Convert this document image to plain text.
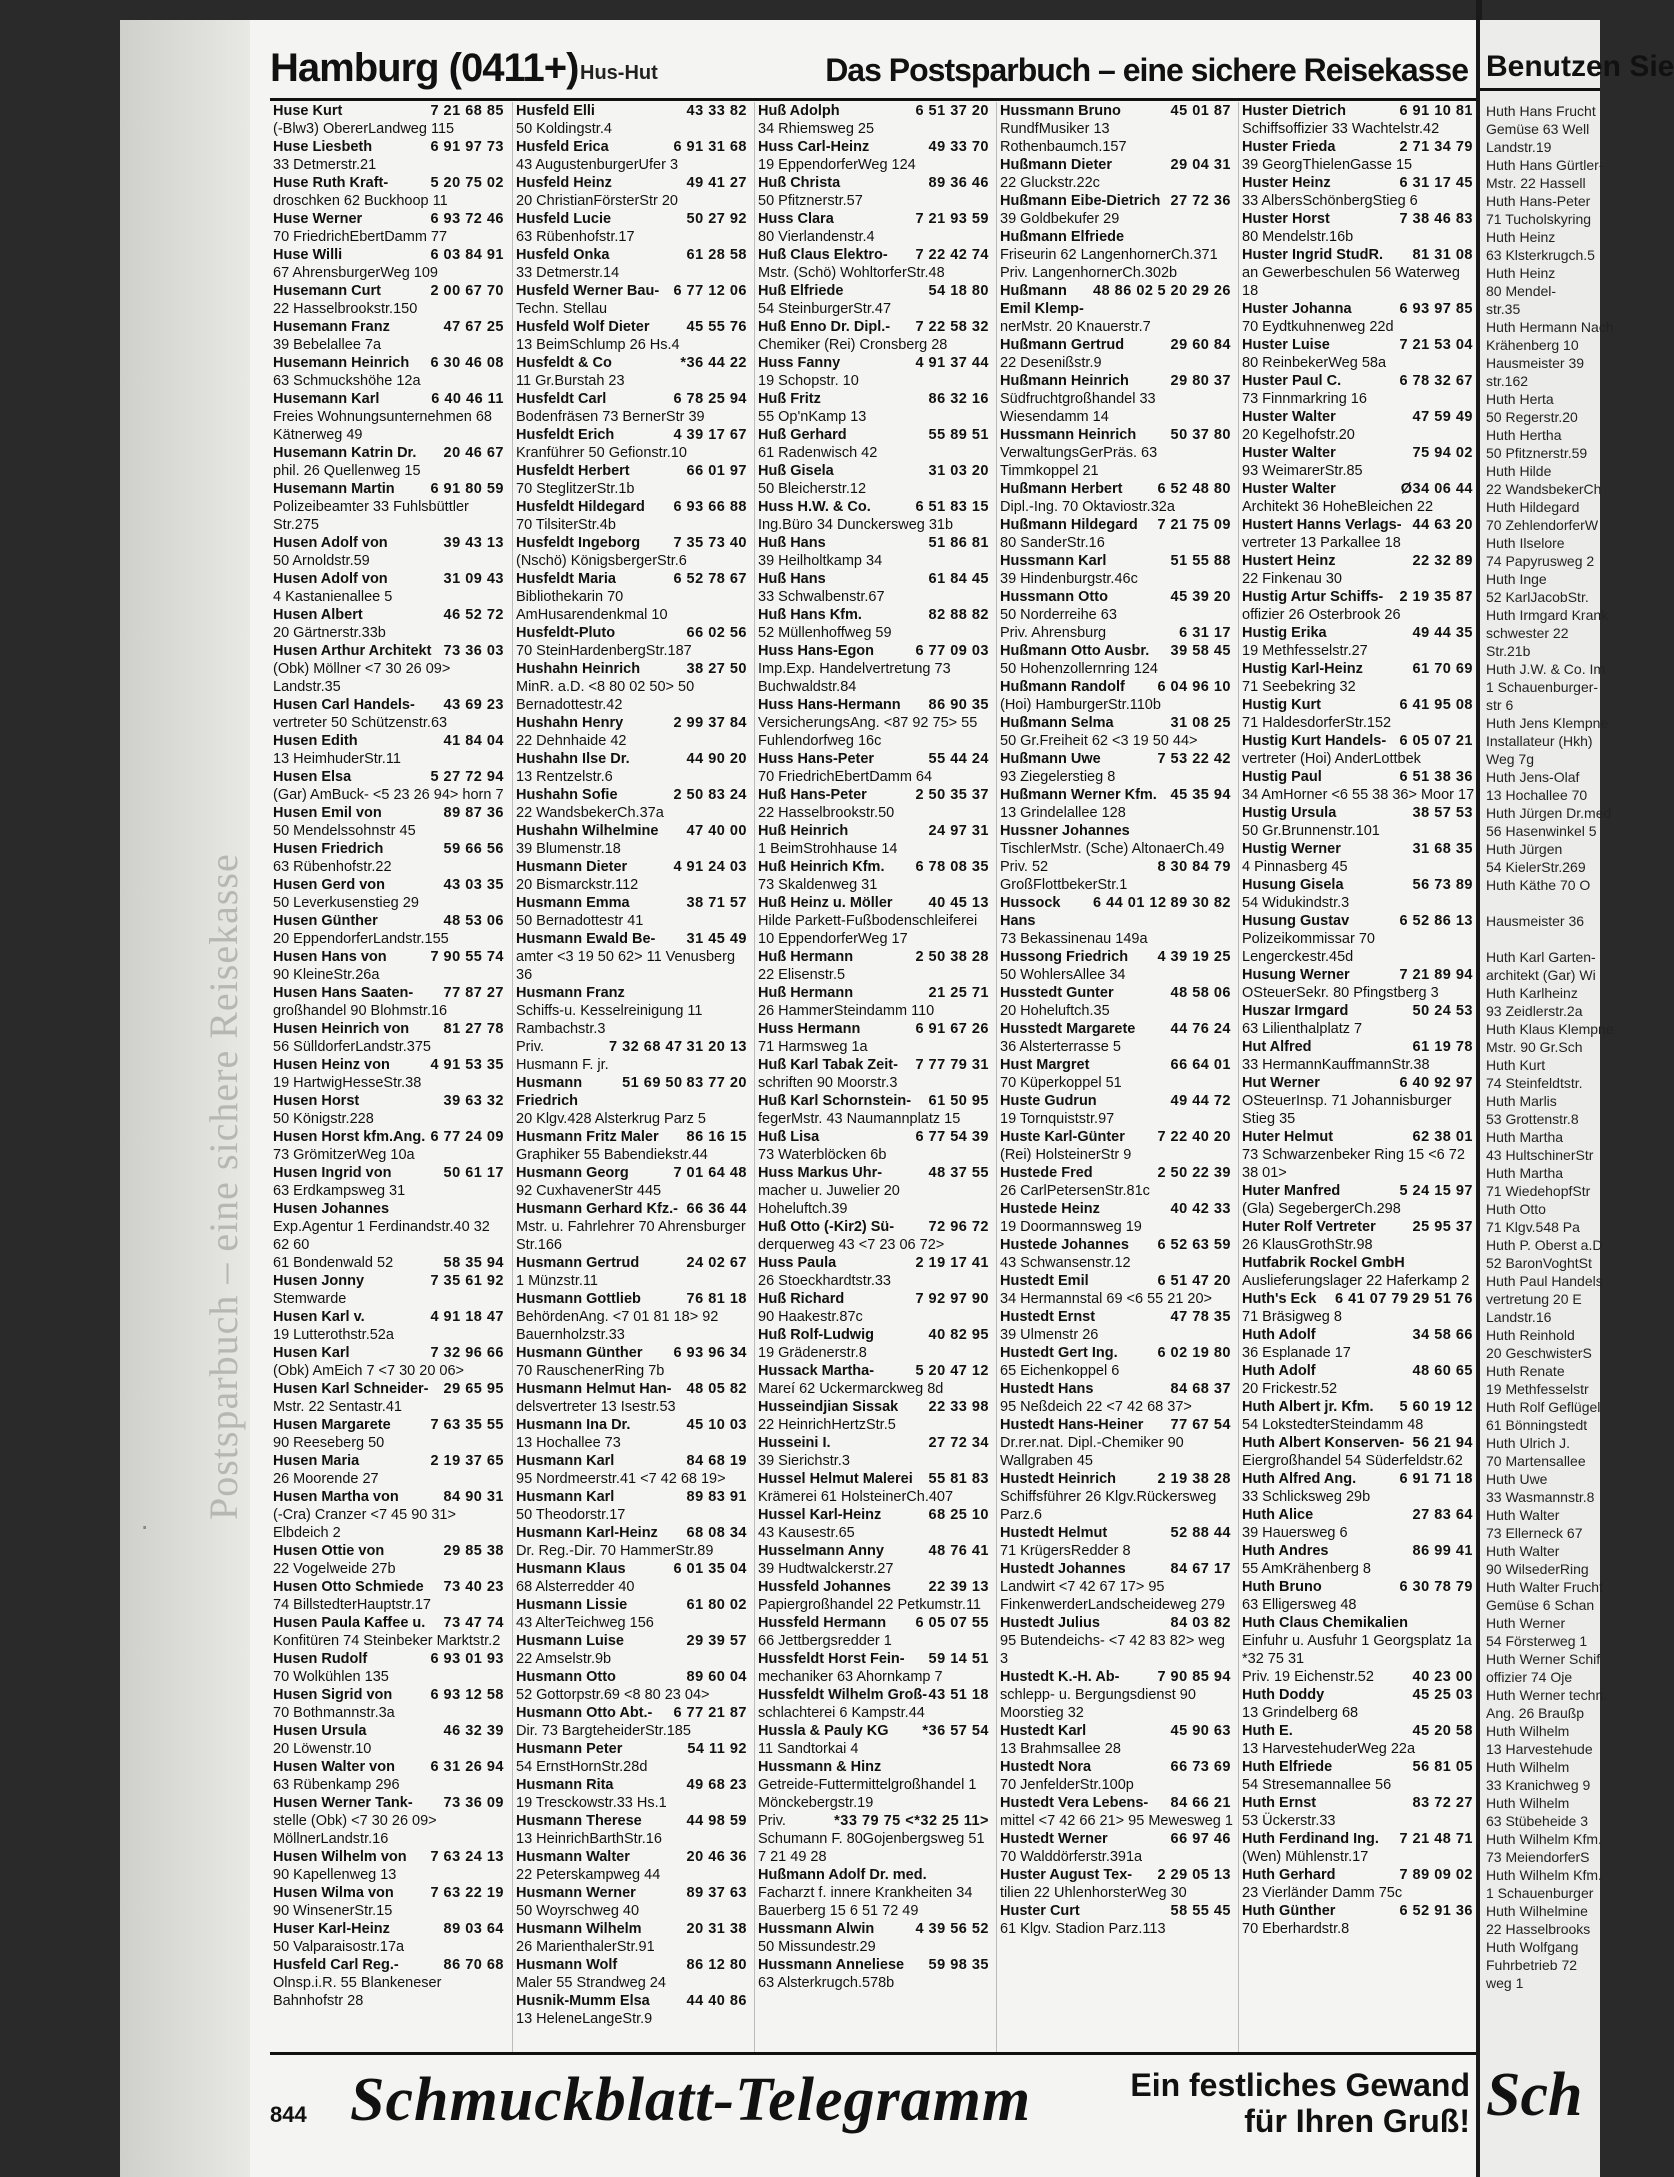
Postsparbuch – eine sichere Reisekasse
·
Hamburg (0411+) Hus-Hut	Das Postsparbuch – eine sichere Reisekasse
7 21 68 85
Huse Kurt
(-Blw3) ObererLandweg 115
6 91 97 73
Huse Liesbeth
33 Detmerstr.21
5 20 75 02
Huse Ruth Kraft-
droschken 62 Buckhoop 11
6 93 72 46
Huse Werner
70 FriedrichEbertDamm 77
6 03 84 91
Huse Willi
67 AhrensburgerWeg 109
2 00 67 70
Husemann Curt
22 Hasselbrookstr.150
47 67 25
Husemann Franz
39 Bebelallee 7a
6 30 46 08
Husemann Heinrich
63 Schmuckshöhe 12a
6 40 46 11
Husemann Karl
Freies Wohnungsunternehmen 68 Kätnerweg 49
20 46 67
Husemann Katrin Dr.
phil. 26 Quellenweg 15
6 91 80 59
Husemann Martin
Polizeibeamter 33 Fuhlsbüttler Str.275
39 43 13
Husen Adolf von
50 Arnoldstr.59
31 09 43
Husen Adolf von
4 Kastanienallee 5
46 52 72
Husen Albert
20 Gärtnerstr.33b
73 36 03
Husen Arthur Architekt
(Obk) Möllner <7 30 26 09> Landstr.35
43 69 23
Husen Carl Handels-
vertreter 50 Schützenstr.63
41 84 04
Husen Edith
13 HeimhuderStr.11
5 27 72 94
Husen Elsa
(Gar) AmBuck- <5 23 26 94> horn 7
89 87 36
Husen Emil von
50 Mendelssohnstr 45
59 66 56
Husen Friedrich
63 Rübenhofstr.22
43 03 35
Husen Gerd von
50 Leverkusenstieg 29
48 53 06
Husen Günther
20 EppendorferLandstr.155
7 90 55 74
Husen Hans von
90 KleineStr.26a
77 87 27
Husen Hans Saaten-
großhandel 90 Blohmstr.16
81 27 78
Husen Heinrich von
56 SülldorferLandstr.375
4 91 53 35
Husen Heinz von
19 HartwigHesseStr.38
39 63 32
Husen Horst
50 Königstr.228
6 77 24 09
Husen Horst kfm.Ang.
73 GrömitzerWeg 10a
50 61 17
Husen Ingrid von
63 Erdkampsweg 31
Husen Johannes
Exp.Agentur 1 Ferdinandstr.40 32 62 60
58 35 94
61 Bondenwald 52
7 35 61 92
Husen Jonny
Stemwarde
4 91 18 47
Husen Karl v.
19 Lutterothstr.52a
7 32 96 66
Husen Karl
(Obk) AmEich 7 <7 30 20 06>
29 65 95
Husen Karl Schneider-
Mstr. 22 Sentastr.41
7 63 35 55
Husen Margarete
90 Reeseberg 50
2 19 37 65
Husen Maria
26 Moorende 27
84 90 31
Husen Martha von
(-Cra) Cranzer <7 45 90 31> Elbdeich 2
29 85 38
Husen Ottie von
22 Vogelweide 27b
73 40 23
Husen Otto Schmiede
74 BillstedterHauptstr.17
73 47 74
Husen Paula Kaffee u.
Konfitüren 74 Steinbeker Marktstr.2
6 93 01 93
Husen Rudolf
70 Wolkühlen 135
6 93 12 58
Husen Sigrid von
70 Bothmannstr.3a
46 32 39
Husen Ursula
20 Löwenstr.10
6 31 26 94
Husen Walter von
63 Rübenkamp 296
73 36 09
Husen Werner Tank-
stelle (Obk) <7 30 26 09> MöllnerLandstr.16
7 63 24 13
Husen Wilhelm von
90 Kapellenweg 13
7 63 22 19
Husen Wilma von
90 WinsenerStr.15
89 03 64
Huser Karl-Heinz
50 Valparaisostr.17a
86 70 68
Husfeld Carl Reg.-
Olnsp.i.R. 55 Blankeneser Bahnhofstr 28
43 33 82
Husfeld Elli
50 Koldingstr.4
6 91 31 68
Husfeld Erica
43 AugustenburgerUfer 3
49 41 27
Husfeld Heinz
20 ChristianFörsterStr 20
50 27 92
Husfeld Lucie
63 Rübenhofstr.17
61 28 58
Husfeld Onka
33 Detmerstr.14
6 77 12 06
Husfeld Werner Bau-
Techn. Stellau
45 55 76
Husfeld Wolf Dieter
13 BeimSchlump 26 Hs.4
*36 44 22
Husfeldt & Co
11 Gr.Burstah 23
6 78 25 94
Husfeldt Carl
Bodenfräsen 73 BernerStr 39
4 39 17 67
Husfeldt Erich
Kranführer 50 Gefionstr.10
66 01 97
Husfeldt Herbert
70 SteglitzerStr.1b
6 93 66 88
Husfeldt Hildegard
70 TilsiterStr.4b
7 35 73 40
Husfeldt Ingeborg
(Nschö) KönigsbergerStr.6
6 52 78 67
Husfeldt Maria
Bibliothekarin 70 AmHusarendenkmal 10
66 02 56
Husfeldt-Pluto
70 SteinHardenbergStr.187
38 27 50
Hushahn Heinrich
MinR. a.D. <8 80 02 50> 50 Bernadottestr.42
2 99 37 84
Hushahn Henry
22 Dehnhaide 42
44 90 20
Hushahn Ilse Dr.
13 Rentzelstr.6
2 50 83 24
Hushahn Sofie
22 WandsbekerCh.37a
47 40 00
Hushahn Wilhelmine
39 Blumenstr.18
4 91 24 03
Husmann Dieter
20 Bismarckstr.112
38 71 57
Husmann Emma
50 Bernadottestr 41
31 45 49
Husmann Ewald Be-
amter <3 19 50 62> 11 Venusberg 36
Husmann Franz
Schiffs-u. Kesselreinigung 11 Rambachstr.3
31 20 13
7 32 68 47
Priv. Husmann F. jr.
83 77 20
51 69 50
Husmann Friedrich
20 Klgv.428 Alsterkrug Parz 5
86 16 15
Husmann Fritz Maler
Graphiker 55 Babendiekstr.44
7 01 64 48
Husmann Georg
92 CuxhavenerStr 445
66 36 44
Husmann Gerhard Kfz.-
Mstr. u. Fahrlehrer 70 Ahrensburger Str.166
24 02 67
Husmann Gertrud
1 Münzstr.11
76 81 18
Husmann Gottlieb
BehördenAng. <7 01 81 18> 92 Bauernholzstr.33
6 93 96 34
Husmann Günther
70 RauschenerRing 7b
48 05 82
Husmann Helmut Han-
delsvertreter 13 Isestr.53
45 10 03
Husmann Ina Dr.
13 Hochallee 73
84 68 19
Husmann Karl
95 Nordmeerstr.41 <7 42 68 19>
89 83 91
Husmann Karl
50 Theodorstr.17
68 08 34
Husmann Karl-Heinz
Dr. Reg.-Dir. 70 HammerStr.89
6 01 35 04
Husmann Klaus
68 Alsterredder 40
61 80 02
Husmann Lissie
43 AlterTeichweg 156
29 39 57
Husmann Luise
22 Amselstr.9b
89 60 04
Husmann Otto
52 Gottorpstr.69 <8 80 23 04>
6 77 21 87
Husmann Otto Abt.-
Dir. 73 BargteheiderStr.185
54 11 92
Husmann Peter
54 ErnstHornStr.28d
49 68 23
Husmann Rita
19 Tresckowstr.33 Hs.1
44 98 59
Husmann Therese
13 HeinrichBarthStr.16
20 46 36
Husmann Walter
22 Peterskampweg 44
89 37 63
Husmann Werner
50 Woyrschweg 40
20 31 38
Husmann Wilhelm
26 MarienthalerStr.91
86 12 80
Husmann Wolf
Maler 55 Strandweg 24
44 40 86
Husnik-Mumm Elsa
13 HeleneLangeStr.9
6 51 37 20
Huß Adolph
34 Rhiemsweg 25
49 33 70
Huss Carl-Heinz
19 EppendorferWeg 124
89 36 46
Huß Christa
50 Pfitznerstr.57
7 21 93 59
Huss Clara
80 Vierlandenstr.4
7 22 42 74
Huß Claus Elektro-
Mstr. (Schö) WohltorferStr.48
54 18 80
Huß Elfriede
54 SteinburgerStr.47
7 22 58 32
Huß Enno Dr. Dipl.-
Chemiker (Rei) Cronsberg 28
4 91 37 44
Huss Fanny
19 Schopstr. 10
86 32 16
Huß Fritz
55 Op'nKamp 13
55 89 51
Huß Gerhard
61 Radenwisch 42
31 03 20
Huß Gisela
50 Bleicherstr.12
6 51 83 15
Huss H.W. & Co.
Ing.Büro 34 Dunckersweg 31b
51 86 81
Huß Hans
39 Heilholtkamp 34
61 84 45
Huß Hans
33 Schwalbenstr.67
82 88 82
Huß Hans Kfm.
52 Müllenhoffweg 59
6 77 09 03
Huss Hans-Egon
Imp.Exp. Handelvertretung 73 Buchwaldstr.84
86 90 35
Huss Hans-Hermann
VersicherungsAng. <87 92 75> 55 Fuhlendorfweg 16c
55 44 24
Huss Hans-Peter
70 FriedrichEbertDamm 64
2 50 35 37
Huß Hans-Peter
22 Hasselbrookstr.50
24 97 31
Huß Heinrich
1 BeimStrohhause 14
6 78 08 35
Huß Heinrich Kfm.
73 Skaldenweg 31
40 45 13
Huß Heinz u. Möller
Hilde Parkett-Fußbodenschleiferei 10 EppendorferWeg 17
2 50 38 28
Huß Hermann
22 Elisenstr.5
21 25 71
Huß Hermann
26 HammerSteindamm 110
6 91 67 26
Huss Hermann
71 Harmsweg 1a
7 77 79 31
Huß Karl Tabak Zeit-
schriften 90 Moorstr.3
61 50 95
Huß Karl Schornstein-
fegerMstr. 43 Naumannplatz 15
6 77 54 39
Huß Lisa
73 Waterblöcken 6b
48 37 55
Huss Markus Uhr-
macher u. Juwelier 20 Hoheluftch.39
72 96 72
Huß Otto (-Kir2) Sü-
derquerweg 43 <7 23 06 72>
2 19 17 41
Huss Paula
26 Stoeckhardtstr.33
7 92 97 90
Huß Richard
90 Haakestr.87c
40 82 95
Huß Rolf-Ludwig
19 Grädenerstr.8
5 20 47 12
Hussack Martha-
Mareí 62 Uckermarckweg 8d
22 33 98
Husseindjian Sissak
22 HeinrichHertzStr.5
27 72 34
Husseini I.
39 Sierichstr.3
55 81 83
Hussel Helmut Malerei
Krämerei 61 HolsteinerCh.407
68 25 10
Hussel Karl-Heinz
43 Kausestr.65
48 76 41
Husselmann Anny
39 Hudtwalckerstr.27
22 39 13
Hussfeld Johannes
Papiergroßhandel 22 Petkumstr.11
6 05 07 55
Hussfeld Hermann
66 Jettbergsredder 1
59 14 51
Hussfeldt Horst Fein-
mechaniker 63 Ahornkamp 7
43 51 18
Hussfeldt Wilhelm Groß-
schlachterei 6 Kampstr.44
*36 57 54
Hussla & Pauly KG
11 Sandtorkai 4
Hussmann & Hinz
Getreide-Futtermittelgroßhandel 1 Mönckebergstr.19
*33 79 75 <*32 25 11>
Priv. Schumann F. 80Gojenbergsweg 51 7 21 49 28
Hußmann Adolf Dr. med.
Facharzt f. innere Krankheiten 34 Bauerberg 15 6 51 72 49
4 39 56 52
Hussmann Alwin
50 Missundestr.29
59 98 35
Hussmann Anneliese
63 Alsterkrugch.578b
45 01 87
Hussmann Bruno
RundfMusiker 13 Rothenbaumch.157
29 04 31
Hußmann Dieter
22 Gluckstr.22c
27 72 36
Hußmann Eibe-Dietrich
39 Goldbekufer 29
Hußmann Elfriede
Friseurin 62 LangenhornerCh.371 Priv. LangenhornerCh.302b
5 20 29 26
48 86 02
Hußmann Emil Klemp-
nerMstr. 20 Knauerstr.7
29 60 84
Hußmann Gertrud
22 Desenißstr.9
29 80 37
Hußmann Heinrich
Südfruchtgroßhandel 33 Wiesendamm 14
50 37 80
Hussmann Heinrich
VerwaltungsGerPräs. 63 Timmkoppel 21
6 52 48 80
Hußmann Herbert
Dipl.-Ing. 70 Oktaviostr.32a
7 21 75 09
Hußmann Hildegard
80 SanderStr.16
51 55 88
Hussmann Karl
39 Hindenburgstr.46c
45 39 20
Hussmann Otto
50 Norderreihe 63
6 31 17
Priv. Ahrensburg
39 58 45
Hußmann Otto Ausbr.
50 Hohenzollernring 124
6 04 96 10
Hußmann Randolf
(Hoi) HamburgerStr.110b
31 08 25
Hußmann Selma
50 Gr.Freiheit 62 <3 19 50 44>
7 53 22 42
Hußmann Uwe
93 Ziegelerstieg 8
45 35 94
Hußmann Werner Kfm.
13 Grindelallee 128
Hussner Johannes
TischlerMstr. (Sche) AltonaerCh.49
8 30 84 79
Priv. 52 GroßFlottbekerStr.1
89 30 82
6 44 01 12
Hussock Hans
73 Bekassinenau 149a
4 39 19 25
Hussong Friedrich
50 WohlersAllee 34
48 58 06
Husstedt Gunter
20 Hoheluftch.35
44 76 24
Husstedt Margarete
36 Alsterterrasse 5
66 64 01
Hust Margret
70 Küperkoppel 51
49 44 72
Huste Gudrun
19 Tornquiststr.97
7 22 40 20
Huste Karl-Günter
(Rei) HolsteinerStr 9
2 50 22 39
Hustede Fred
26 CarlPetersenStr.81c
40 42 33
Hustede Heinz
19 Doormannsweg 19
6 52 63 59
Hustede Johannes
43 Schwansenstr.12
6 51 47 20
Hustedt Emil
34 Hermannstal 69 <6 55 21 20>
47 78 35
Hustedt Ernst
39 Ulmenstr 26
6 02 19 80
Hustedt Gert Ing.
65 Eichenkoppel 6
84 68 37
Hustedt Hans
95 Neßdeich 22 <7 42 68 37>
77 67 54
Hustedt Hans-Heiner
Dr.rer.nat. Dipl.-Chemiker 90 Wallgraben 45
2 19 38 28
Hustedt Heinrich
Schiffsführer 26 Klgv.Rückersweg Parz.6
52 88 44
Hustedt Helmut
71 KrügersRedder 8
84 67 17
Hustedt Johannes
Landwirt <7 42 67 17> 95 FinkenwerderLandscheideweg 279
84 03 82
Hustedt Julius
95 Butendeichs- <7 42 83 82> weg 3
7 90 85 94
Hustedt K.-H. Ab-
schlepp- u. Bergungsdienst 90 Moorstieg 32
45 90 63
Hustedt Karl
13 Brahmsallee 28
66 73 69
Hustedt Nora
70 JenfelderStr.100p
84 66 21
Hustedt Vera Lebens-
mittel <7 42 66 21> 95 Mewesweg 1
66 97 46
Hustedt Werner
70 Walddörferstr.391a
2 29 05 13
Huster August Tex-
tilien 22 UhlenhorsterWeg 30
58 55 45
Huster Curt
61 Klgv. Stadion Parz.113
6 91 10 81
Huster Dietrich
Schiffsoffizier 33 Wachtelstr.42
2 71 34 79
Huster Frieda
39 GeorgThielenGasse 15
6 31 17 45
Huster Heinz
33 AlbersSchönbergStieg 6
7 38 46 83
Huster Horst
80 Mendelstr.16b
81 31 08
Huster Ingrid StudR.
an Gewerbeschulen 56 Waterweg 18
6 93 97 85
Huster Johanna
70 Eydtkuhnenweg 22d
7 21 53 04
Huster Luise
80 ReinbekerWeg 58a
6 78 32 67
Huster Paul C.
73 Finnmarkring 16
47 59 49
Huster Walter
20 Kegelhofstr.20
75 94 02
Huster Walter
93 WeimarerStr.85
Ø34 06 44
Huster Walter
Architekt 36 HoheBleichen 22
44 63 20
Hustert Hanns Verlags-
vertreter 13 Parkallee 18
22 32 89
Hustert Heinz
22 Finkenau 30
2 19 35 87
Hustig Artur Schiffs-
offizier 26 Osterbrook 26
49 44 35
Hustig Erika
19 Methfesselstr.27
61 70 69
Hustig Karl-Heinz
71 Seebekring 32
6 41 95 08
Hustig Kurt
71 HaldesdorferStr.152
6 05 07 21
Hustig Kurt Handels-
vertreter (Hoi) AnderLottbek
6 51 38 36
Hustig Paul
34 AmHorner <6 55 38 36> Moor 17
38 57 53
Hustig Ursula
50 Gr.Brunnenstr.101
31 68 35
Hustig Werner
4 Pinnasberg 45
56 73 89
Husung Gisela
54 Widukindstr.3
6 52 86 13
Husung Gustav
Polizeikommissar 70 Lengerckestr.45d
7 21 89 94
Husung Werner
OSteuerSekr. 80 Pfingstberg 3
50 24 53
Huszar Irmgard
63 Lilienthalplatz 7
61 19 78
Hut Alfred
33 HermannKauffmannStr.38
6 40 92 97
Hut Werner
OSteuerInsp. 71 Johannisburger Stieg 35
62 38 01
Huter Helmut
73 Schwarzenbeker Ring 15 <6 72 38 01>
5 24 15 97
Huter Manfred
(Gla) SegebergerCh.298
25 95 37
Huter Rolf Vertreter
26 KlausGrothStr.98
Hutfabrik Rockel GmbH
Auslieferungslager 22 Haferkamp 2
29 51 76
6 41 07 79
Huth's Eck
71 Bräsigweg 8
34 58 66
Huth Adolf
36 Esplanade 17
48 60 65
Huth Adolf
20 Frickestr.52
5 60 19 12
Huth Albert jr. Kfm.
54 LokstedterSteindamm 48
56 21 94
Huth Albert Konserven-
Eiergroßhandel 54 Süderfeldstr.62
6 91 71 18
Huth Alfred Ang.
33 Schlicksweg 29b
27 83 64
Huth Alice
39 Hauersweg 6
86 99 41
Huth Andres
55 AmKrähenberg 8
6 30 78 79
Huth Bruno
63 Elligersweg 48
Huth Claus Chemikalien
Einfuhr u. Ausfuhr 1 Georgsplatz 1a *32 75 31
40 23 00
Priv. 19 Eichenstr.52
45 25 03
Huth Doddy
13 Grindelberg 68
45 20 58
Huth E.
13 HarvestehuderWeg 22a
56 81 05
Huth Elfriede
54 Stresemannallee 56
83 72 27
Huth Ernst
53 Ückerstr.33
7 21 48 71
Huth Ferdinand Ing.
(Wen) Mühlenstr.17
7 89 09 02
Huth Gerhard
23 Vierländer Damm 75c
6 52 91 36
Huth Günther
70 Eberhardstr.8
Schmuckblatt-Telegramm	Ein festliches Gewand
für Ihren Gruß!
844
Benutzen Sie
Huth Hans Frucht
Gemüse 63 Well
Landstr.19
Huth Hans Gürtler-
Mstr. 22 Hassell
Huth Hans-Peter
71 Tucholskyring
Huth Heinz
63 Klsterkrugch.5
Huth Heinz
80 Mendel-
str.35
Huth Hermann Nach
Krähenberg 10
Hausmeister 39
str.162
Huth Herta
50 Regerstr.20
Huth Hertha
50 Pfitznerstr.59
Huth Hilde
22 WandsbekerCh
Huth Hildegard
70 ZehlendorferW
Huth Ilselore
74 Papyrusweg 2
Huth Inge
52 KarlJacobStr.
Huth Irmgard Krank
schwester 22
Str.21b
Huth J.W. & Co. Im
1 Schauenburger-
str 6
Huth Jens Klempne
Installateur (Hkh)
Weg 7g
Huth Jens-Olaf
13 Hochallee 70
Huth Jürgen Dr.med
56 Hasenwinkel 5
Huth Jürgen
54 KielerStr.269
Huth Käthe 70 O

Hausmeister 36

Huth Karl Garten-
architekt (Gar) Wi
Huth Karlheinz
93 Zeidlerstr.2a
Huth Klaus Klempne
Mstr. 90 Gr.Sch
Huth Kurt
74 Steinfeldtstr.
Huth Marlis
53 Grottenstr.8
Huth Martha
43 HultschinerStr
Huth Martha
71 WiedehopfStr
Huth Otto
71 Klgv.548 Pa
Huth P. Oberst a.D
52 BaronVoghtSt
Huth Paul Handels
vertretung 20 E
Landstr.16
Huth Reinhold
20 GeschwisterS
Huth Renate
19 Methfesselstr
Huth Rolf Geflügel
61 Bönningstedt
Huth Ulrich J.
70 Martensallee
Huth Uwe
33 Wasmannstr.8
Huth Walter
73 Ellerneck 67
Huth Walter
90 WilsederRing
Huth Walter Frucht
Gemüse 6 Schan
Huth Werner
54 Försterweg 1
Huth Werner Schif
offizier 74 Oje
Huth Werner techn.
Ang. 26 Braußp
Huth Wilhelm
13 Harvestehude
Huth Wilhelm
33 Kranichweg 9
Huth Wilhelm
63 Stübeheide 3
Huth Wilhelm Kfm.
73 MeiendorferS
Huth Wilhelm Kfm.
1 Schauenburger
Huth Wilhelmine
22 Hasselbrooks
Huth Wolfgang
Fuhrbetrieb 72
weg 1
Sch
